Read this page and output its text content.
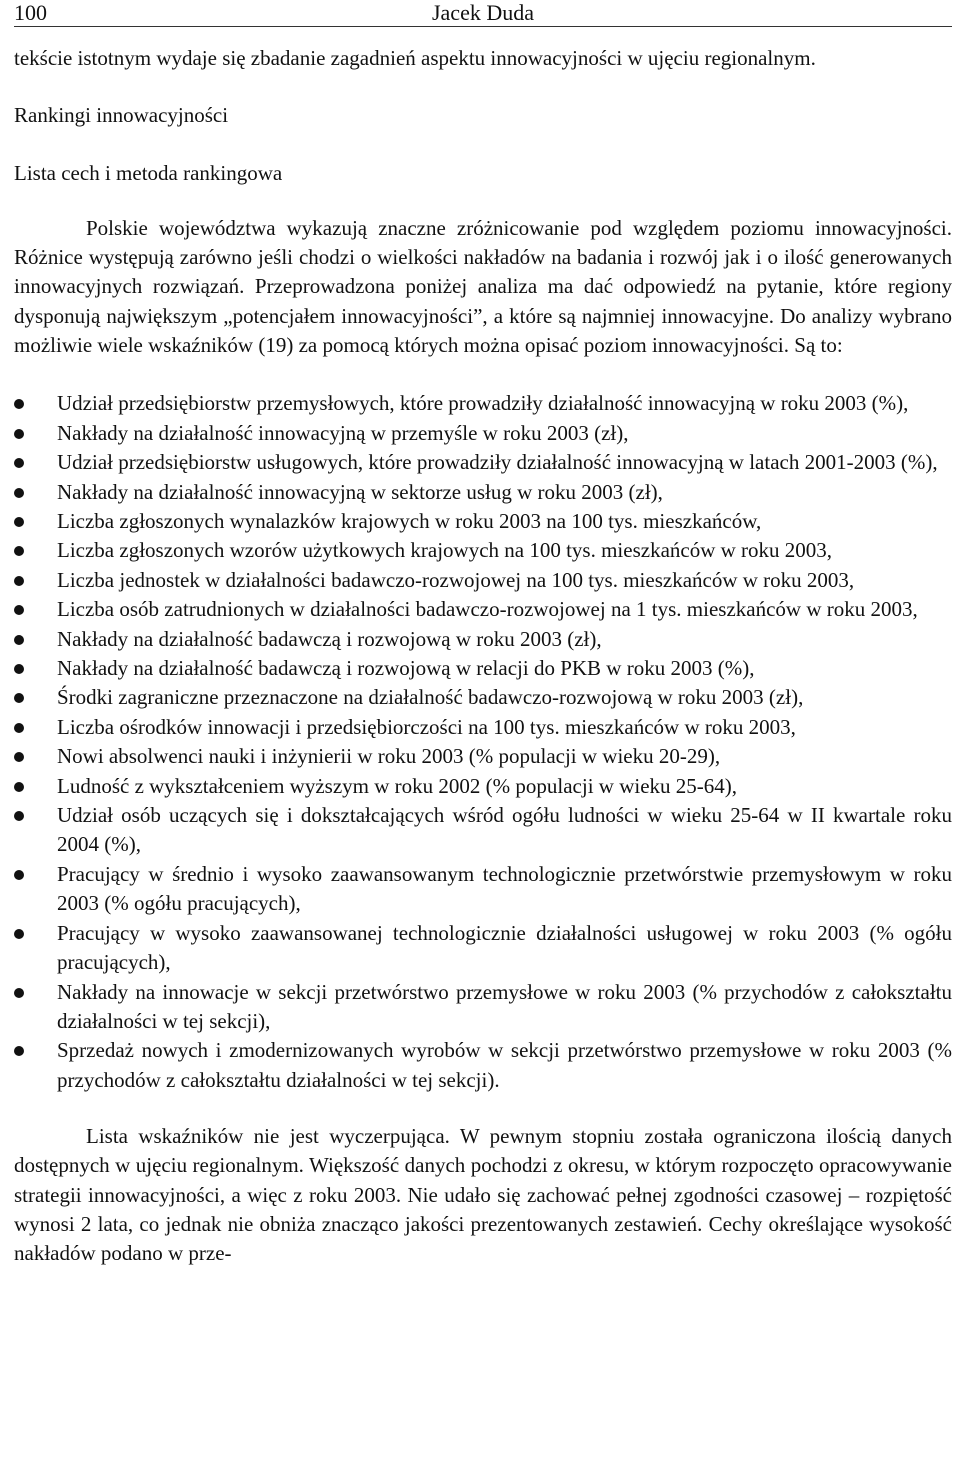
100	Jacek Duda

tekście istotnym wydaje się zbadanie zagadnień aspektu innowacyjności w ujęciu regionalnym.

Rankingi innowacyjności

Lista cech i metoda rankingowa

Polskie województwa wykazują znaczne zróżnicowanie pod względem poziomu innowacyjności. Różnice występują zarówno jeśli chodzi o wielkości nakładów na badania i rozwój jak i o ilość generowanych innowacyjnych rozwiązań. Przeprowadzona poniżej analiza ma dać odpowiedź na pytanie, które regiony dysponują największym „potencjałem innowacyjności”, a które są najmniej innowacyjne. Do analizy wybrano możliwie wiele wskaźników (19) za pomocą których można opisać poziom innowacyjności. Są to:

Udział przedsiębiorstw przemysłowych, które prowadziły działalność innowacyjną w roku 2003 (%),
Nakłady na działalność innowacyjną w przemyśle w roku 2003 (zł),
Udział przedsiębiorstw usługowych, które prowadziły działalność innowacyjną w latach 2001-2003 (%),
Nakłady na działalność innowacyjną w sektorze usług w roku 2003 (zł),
Liczba zgłoszonych wynalazków krajowych w roku 2003 na 100 tys. mieszkańców,
Liczba zgłoszonych wzorów użytkowych krajowych na 100 tys. mieszkańców w roku 2003,
Liczba jednostek w działalności badawczo-rozwojowej na 100 tys. mieszkańców w roku 2003,
Liczba osób zatrudnionych w działalności badawczo-rozwojowej na 1 tys. mieszkańców w roku 2003,
Nakłady na działalność badawczą i rozwojową w roku 2003 (zł),
Nakłady na działalność badawczą i rozwojową w relacji do PKB w roku 2003 (%),
Środki zagraniczne przeznaczone na działalność badawczo-rozwojową w roku 2003 (zł),
Liczba ośrodków innowacji i przedsiębiorczości na 100 tys. mieszkańców w roku 2003,
Nowi absolwenci nauki i inżynierii w roku 2003 (% populacji w wieku 20-29),
Ludność z wykształceniem wyższym w roku 2002 (% populacji w wieku 25-64),
Udział osób uczących się i dokształcających wśród ogółu ludności w wieku 25-64 w II kwartale roku 2004 (%),
Pracujący w średnio i wysoko zaawansowanym technologicznie przetwórstwie przemysłowym w roku 2003 (% ogółu pracujących),
Pracujący w wysoko zaawansowanej technologicznie działalności usługowej w roku 2003 (% ogółu pracujących),
Nakłady na innowacje w sekcji przetwórstwo przemysłowe w roku 2003 (% przychodów z całokształtu działalności w tej sekcji),
Sprzedaż nowych i zmodernizowanych wyrobów w sekcji przetwórstwo przemysłowe w roku 2003 (% przychodów z całokształtu działalności w tej sekcji).

Lista wskaźników nie jest wyczerpująca. W pewnym stopniu została ograniczona ilością danych dostępnych w ujęciu regionalnym. Większość danych pochodzi z okresu, w którym rozpoczęto opracowywanie strategii innowacyjności, a więc z roku 2003. Nie udało się zachować pełnej zgodności czasowej – rozpiętość wynosi 2 lata, co jednak nie obniża znacząco jakości prezentowanych zestawień. Cechy określające wysokość nakładów podano w prze-
